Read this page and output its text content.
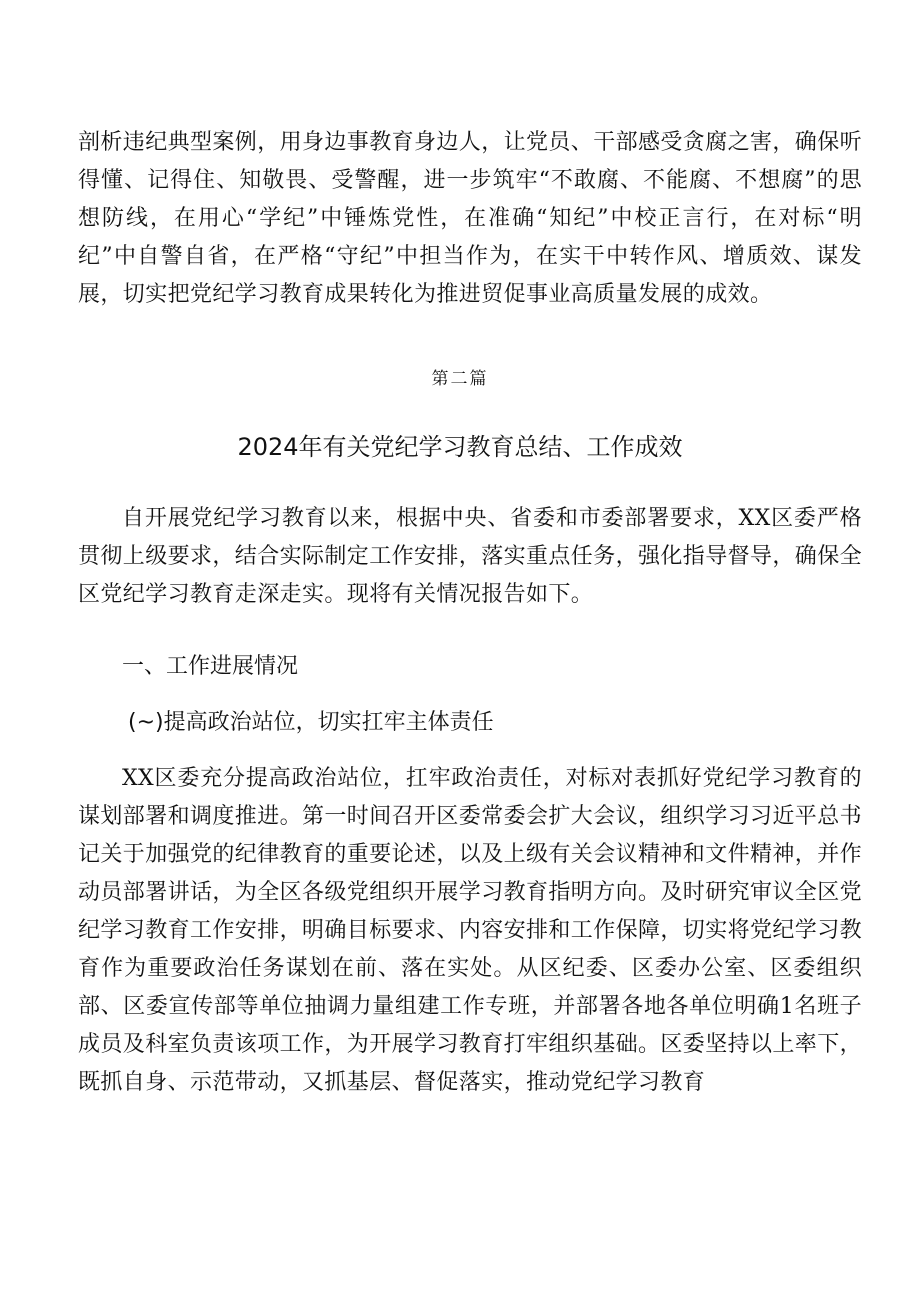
剖析违纪典型案例，用身边事教育身边人，让党员、干部感受贪腐之害，确保听得懂、记得住、知敬畏、受警醒，进一步筑牢“不敢腐、不能腐、不想腐”的思想防线，在用心“学纪”中锤炼党性，在准确“知纪”中校正言行，在对标“明纪”中自警自省，在严格“守纪”中担当作为，在实干中转作风、增质效、谋发展，切实把党纪学习教育成果转化为推进贸促事业高质量发展的成效。
第二篇
2024年有关党纪学习教育总结、工作成效
自开展党纪学习教育以来，根据中央、省委和市委部署要求，XX区委严格贯彻上级要求，结合实际制定工作安排，落实重点任务，强化指导督导，确保全区党纪学习教育走深走实。现将有关情况报告如下。
一、工作进展情况
(~)提高政治站位，切实扛牢主体责任
XX区委充分提高政治站位，扛牢政治责任，对标对表抓好党纪学习教育的谋划部署和调度推进。第一时间召开区委常委会扩大会议，组织学习习近平总书记关于加强党的纪律教育的重要论述，以及上级有关会议精神和文件精神，并作动员部署讲话，为全区各级党组织开展学习教育指明方向。及时研究审议全区党纪学习教育工作安排，明确目标要求、内容安排和工作保障，切实将党纪学习教育作为重要政治任务谋划在前、落在实处。从区纪委、区委办公室、区委组织部、区委宣传部等单位抽调力量组建工作专班，并部署各地各单位明确1名班子成员及科室负责该项工作，为开展学习教育打牢组织基础。区委坚持以上率下，既抓自身、示范带动，又抓基层、督促落实，推动党纪学习教育
